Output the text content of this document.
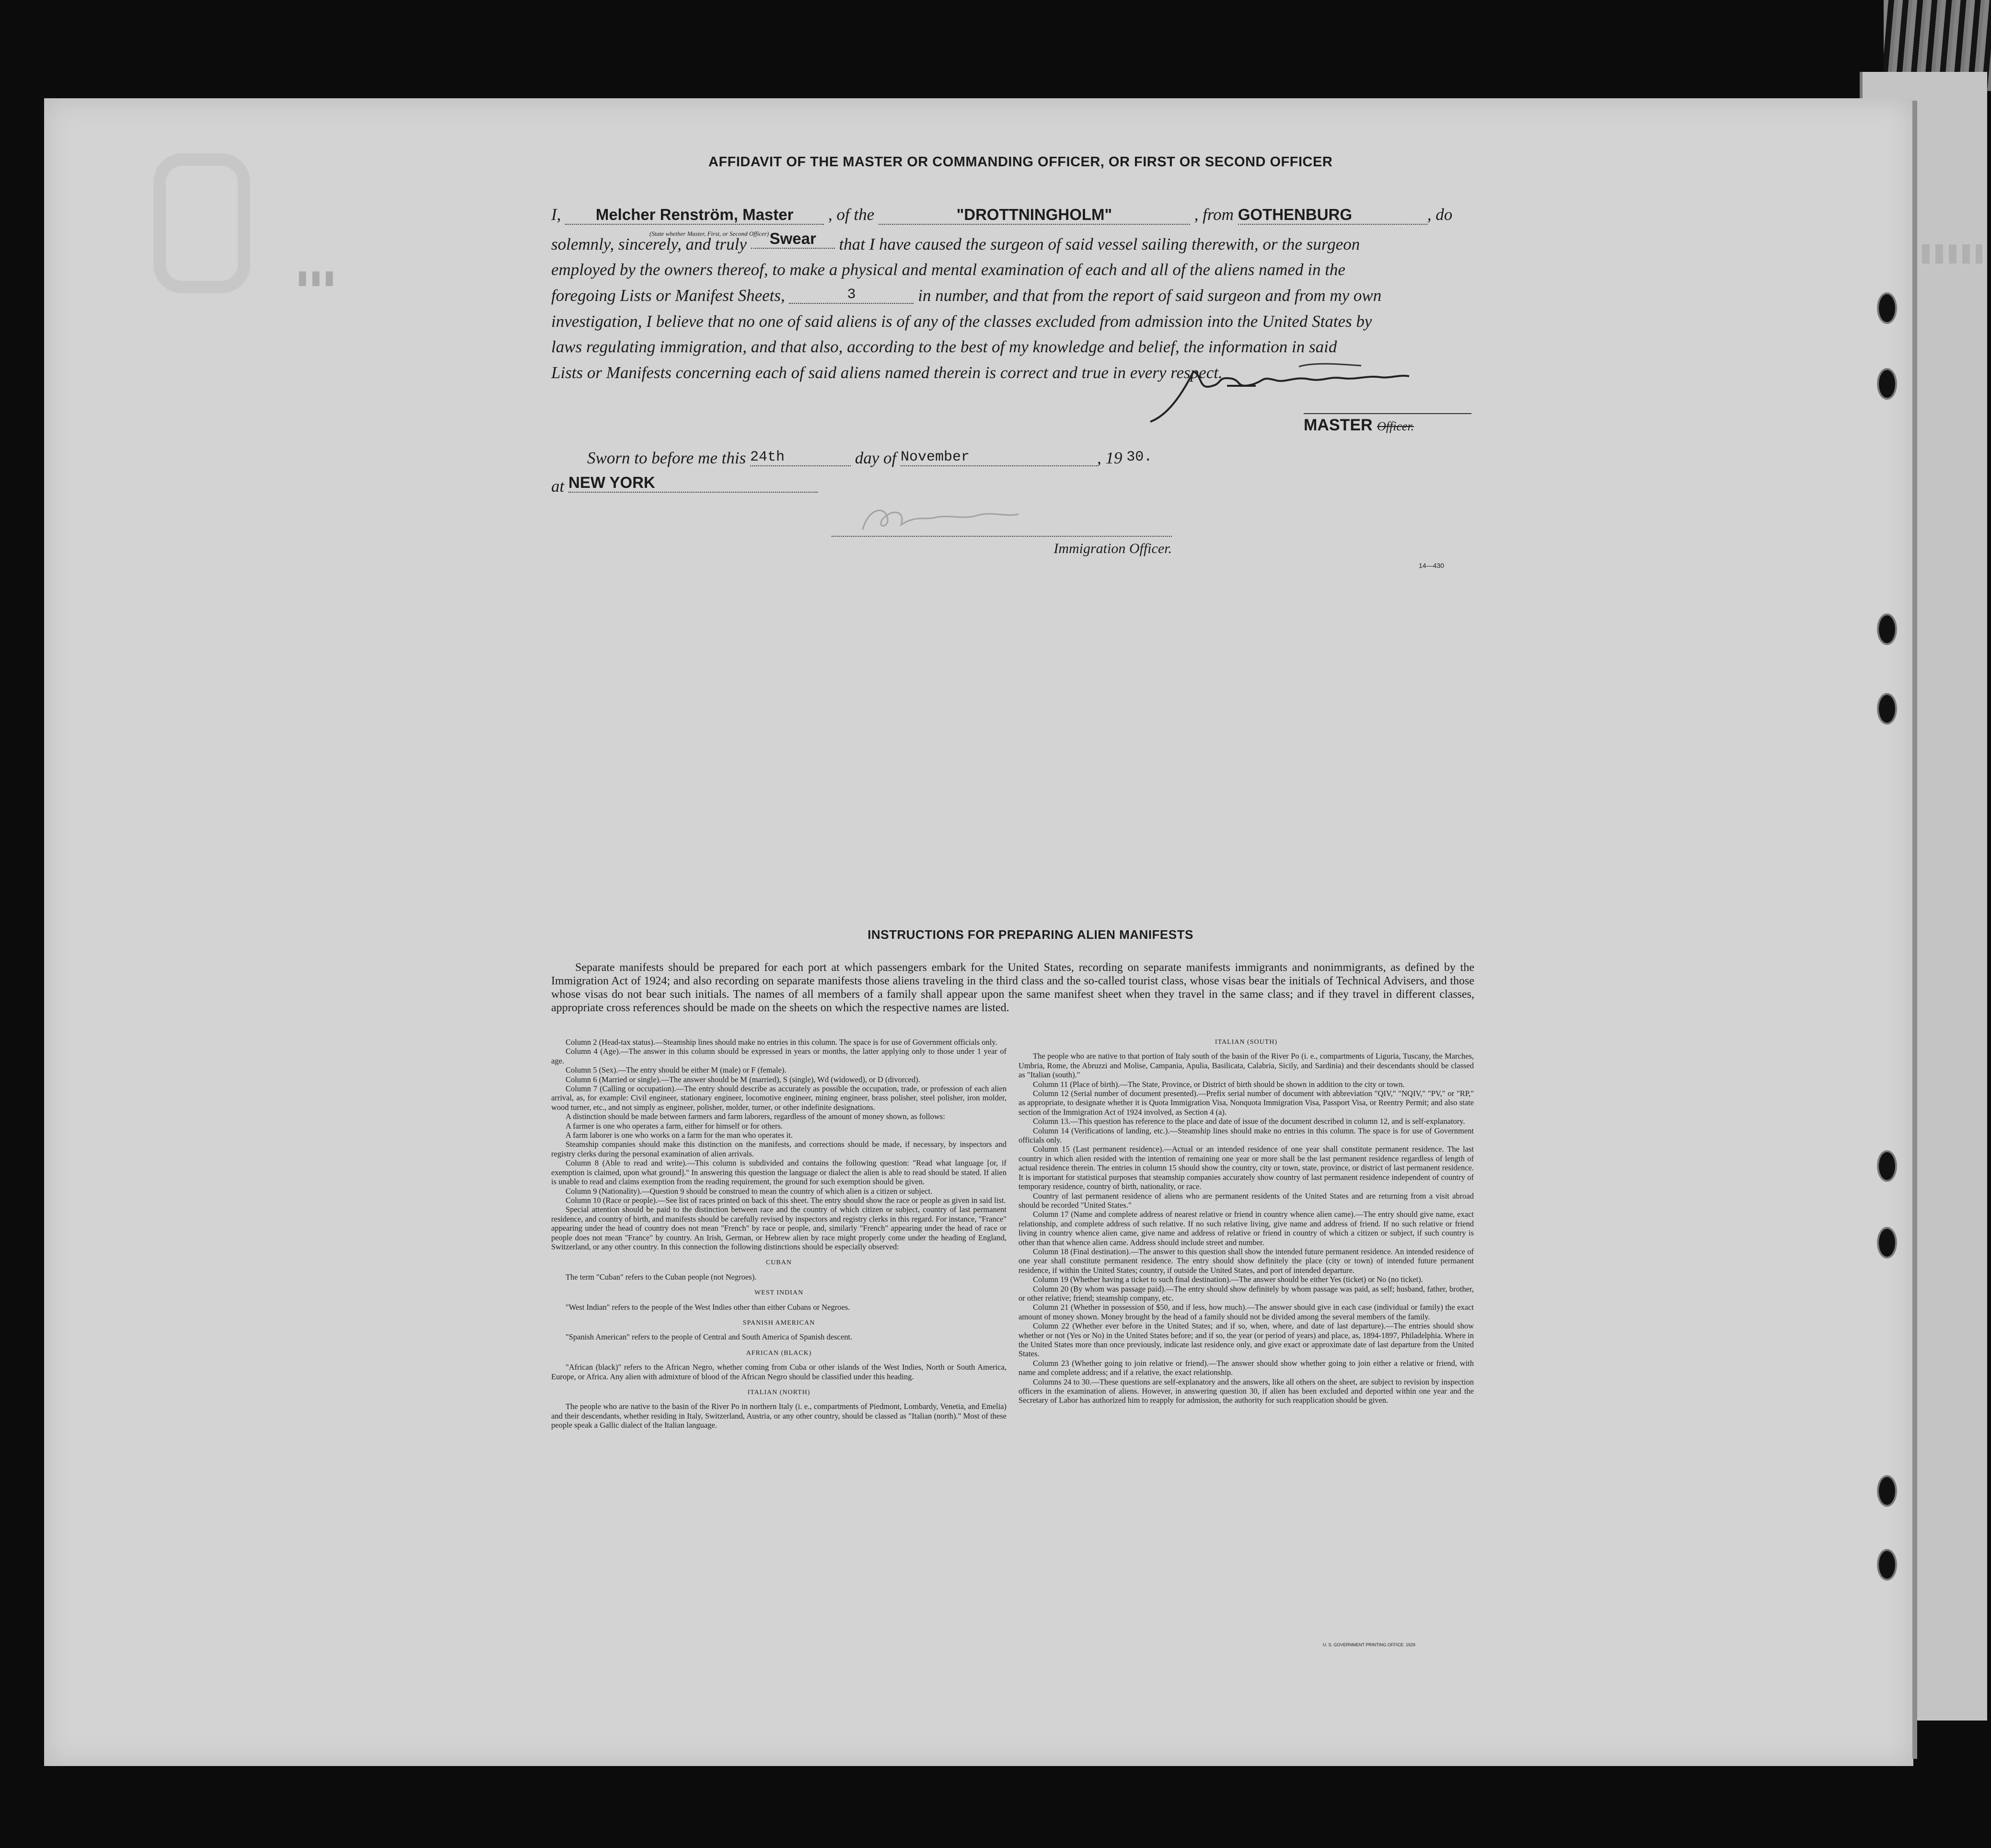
▮▮▮
AFFIDAVIT OF THE MASTER OR COMMANDING OFFICER, OR FIRST OR SECOND OFFICER
I, Melcher Renström, Master , of the	"DROTTNINGHOLM"	, from GOTHENBURG	, do
(State whether Master, First, or Second Officer)
solemnly, sincerely, and truly Swear that I have caused the surgeon of said vessel sailing therewith, or the surgeon
employed by the owners thereof, to make a physical and mental examination of each and all of the aliens named in the
foregoing Lists or Manifest Sheets,	3	in number, and that from the report of said surgeon and from my own
investigation, I believe that no one of said aliens is of any of the classes excluded from admission into the United States by
laws regulating immigration, and that also, according to the best of my knowledge and belief, the information in said
Lists or Manifests concerning each of said aliens named therein is correct and true in every respect.
MASTER Officer.
Sworn to before me this 24th	day of November	, 19 30.
at NEW YORK
Immigration Officer.
14—430
INSTRUCTIONS FOR PREPARING ALIEN MANIFESTS
Separate manifests should be prepared for each port at which passengers embark for the United States, recording on separate manifests immigrants and nonimmigrants, as defined by the Immigration Act of 1924; and also recording on separate manifests those aliens traveling in the third class and the so-called tourist class, whose visas bear the initials of Technical Advisers, and those whose visas do not bear such initials. The names of all members of a family shall appear upon the same manifest sheet when they travel in the same class; and if they travel in different classes, appropriate cross references should be made on the sheets on which the respective names are listed.

Column 2 (Head-tax status).—Steamship lines should make no entries in this column. The space is for use of Government officials only.

Column 4 (Age).—The answer in this column should be expressed in years or months, the latter applying only to those under 1 year of age.

Column 5 (Sex).—The entry should be either M (male) or F (female).

Column 6 (Married or single).—The answer should be M (married), S (single), Wd (widowed), or D (divorced).

Column 7 (Calling or occupation).—The entry should describe as accurately as possible the occupation, trade, or profession of each alien arrival, as, for example: Civil engineer, stationary engineer, locomotive engineer, mining engineer, brass polisher, steel polisher, iron molder, wood turner, etc., and not simply as engineer, polisher, molder, turner, or other indefinite designations.

A distinction should be made between farmers and farm laborers, regardless of the amount of money shown, as follows:

A farmer is one who operates a farm, either for himself or for others.

A farm laborer is one who works on a farm for the man who operates it.

Steamship companies should make this distinction on the manifests, and corrections should be made, if necessary, by inspectors and registry clerks during the personal examination of alien arrivals.

Column 8 (Able to read and write).—This column is subdivided and contains the following question: "Read what language [or, if exemption is claimed, upon what ground]." In answering this question the language or dialect the alien is able to read should be stated. If alien is unable to read and claims exemption from the reading requirement, the ground for such exemption should be given.

Column 9 (Nationality).—Question 9 should be construed to mean the country of which alien is a citizen or subject.

Column 10 (Race or people).—See list of races printed on back of this sheet. The entry should show the race or people as given in said list.

Special attention should be paid to the distinction between race and the country of which citizen or subject, country of last permanent residence, and country of birth, and manifests should be carefully revised by inspectors and registry clerks in this regard. For instance, "France" appearing under the head of country does not mean "French" by race or people, and, similarly "French" appearing under the head of race or people does not mean "France" by country. An Irish, German, or Hebrew alien by race might properly come under the heading of England, Switzerland, or any other country. In this connection the following distinctions should be especially observed:

CUBAN

The term "Cuban" refers to the Cuban people (not Negroes).

WEST INDIAN

"West Indian" refers to the people of the West Indies other than either Cubans or Negroes.

SPANISH AMERICAN

"Spanish American" refers to the people of Central and South America of Spanish descent.

AFRICAN (BLACK)

"African (black)" refers to the African Negro, whether coming from Cuba or other islands of the West Indies, North or South America, Europe, or Africa. Any alien with admixture of blood of the African Negro should be classified under this heading.

ITALIAN (NORTH)

The people who are native to the basin of the River Po in northern Italy (i. e., compartments of Piedmont, Lombardy, Venetia, and Emelia) and their descendants, whether residing in Italy, Switzerland, Austria, or any other country, should be classed as "Italian (north)." Most of these people speak a Gallic dialect of the Italian language.

ITALIAN (SOUTH)

The people who are native to that portion of Italy south of the basin of the River Po (i. e., compartments of Liguria, Tuscany, the Marches, Umbria, Rome, the Abruzzi and Molise, Campania, Apulia, Basilicata, Calabria, Sicily, and Sardinia) and their descendants should be classed as "Italian (south)."

Column 11 (Place of birth).—The State, Province, or District of birth should be shown in addition to the city or town.

Column 12 (Serial number of document presented).—Prefix serial number of document with abbreviation "QIV," "NQIV," "PV," or "RP," as appropriate, to designate whether it is Quota Immigration Visa, Nonquota Immigration Visa, Passport Visa, or Reentry Permit; and also state section of the Immigration Act of 1924 involved, as Section 4 (a).

Column 13.—This question has reference to the place and date of issue of the document described in column 12, and is self-explanatory.

Column 14 (Verifications of landing, etc.).—Steamship lines should make no entries in this column. The space is for use of Government officials only.

Column 15 (Last permanent residence).—Actual or an intended residence of one year shall constitute permanent residence. The last country in which alien resided with the intention of remaining one year or more shall be the last permanent residence regardless of length of actual residence therein. The entries in column 15 should show the country, city or town, state, province, or district of last permanent residence. It is important for statistical purposes that steamship companies accurately show country of last permanent residence independent of country of temporary residence, country of birth, nationality, or race.

Country of last permanent residence of aliens who are permanent residents of the United States and are returning from a visit abroad should be recorded "United States."

Column 17 (Name and complete address of nearest relative or friend in country whence alien came).—The entry should give name, exact relationship, and complete address of such relative. If no such relative living, give name and address of friend. If no such relative or friend living in country whence alien came, give name and address of relative or friend in country of which a citizen or subject, if such country is other than that whence alien came. Address should include street and number.

Column 18 (Final destination).—The answer to this question shall show the intended future permanent residence. An intended residence of one year shall constitute permanent residence. The entry should show definitely the place (city or town) of intended future permanent residence, if within the United States; country, if outside the United States, and port of intended departure.

Column 19 (Whether having a ticket to such final destination).—The answer should be either Yes (ticket) or No (no ticket).

Column 20 (By whom was passage paid).—The entry should show definitely by whom passage was paid, as self; husband, father, brother, or other relative; friend; steamship company, etc.

Column 21 (Whether in possession of $50, and if less, how much).—The answer should give in each case (individual or family) the exact amount of money shown. Money brought by the head of a family should not be divided among the several members of the family.

Column 22 (Whether ever before in the United States; and if so, when, where, and date of last departure).—The entries should show whether or not (Yes or No) in the United States before; and if so, the year (or period of years) and place, as, 1894-1897, Philadelphia. Where in the United States more than once previously, indicate last residence only, and give exact or approximate date of last departure from the United States.

Column 23 (Whether going to join relative or friend).—The answer should show whether going to join either a relative or friend, with name and complete address; and if a relative, the exact relationship.

Columns 24 to 30.—These questions are self-explanatory and the answers, like all others on the sheet, are subject to revision by inspection officers in the examination of aliens. However, in answering question 30, if alien has been excluded and deported within one year and the Secretary of Labor has authorized him to reapply for admission, the authority for such reapplication should be given.

U. S. GOVERNMENT PRINTING OFFICE: 1929
